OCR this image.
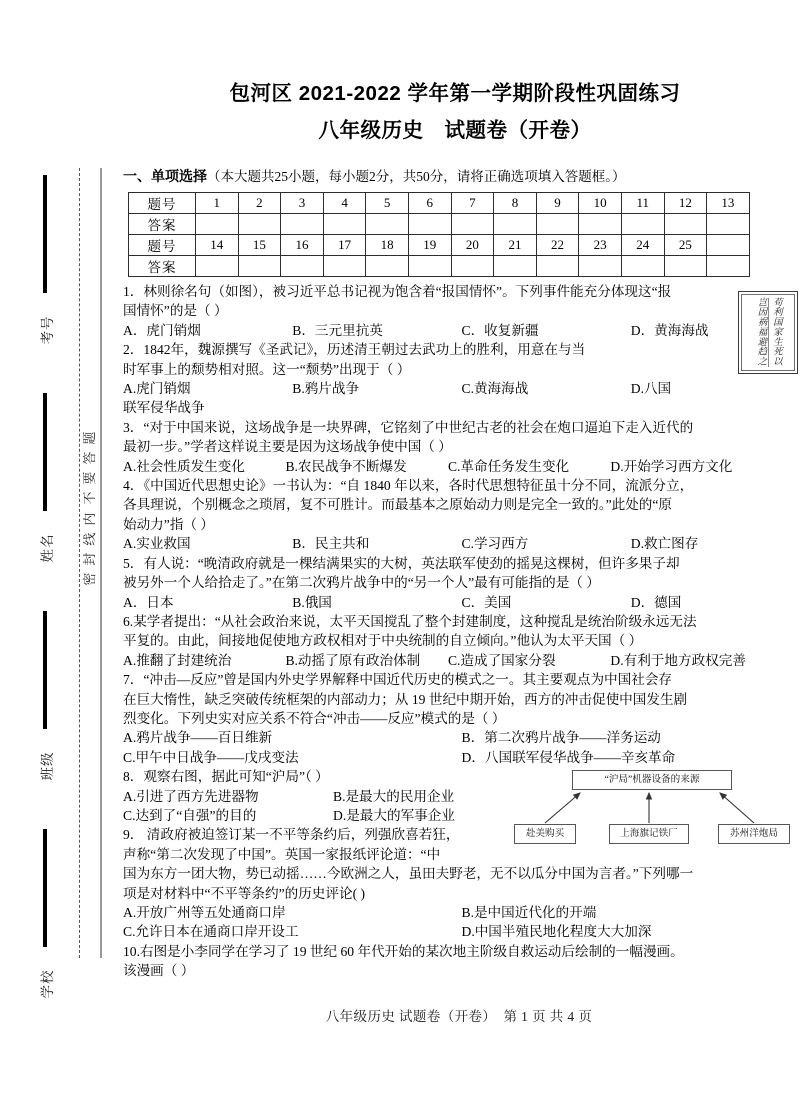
考号
姓名
班级
学校
题
答
要
不
内
线
封
密
包河区 2021-2022 学年第一学期阶段性巩固练习
八年级历史　试题卷（开卷）
一、单项选择（本大题共25小题，每小题2分，共50分，请将正确选项填入答题框。）
题号	1	2	3	4	5	6	7	8	9	10	11	12	13
答案													
题号	14	15	16	17	18	19	20	21	22	23	24	25	
答案													

1．林则徐名句（如图），被习近平总书记视为饱含着“报国情怀”。下列事件能充分体现这“报

国情怀”的是（ ）

A．虎门销烟	B．三元里抗英	C．收复新疆	D．黄海海战

2．1842年，魏源撰写《圣武记》，历述清王朝过去武功上的胜利，用意在与当

时军事上的颓势相对照。这一“颓势”出现于（ ）

A.虎门销烟	B.鸦片战争	C.黄海海战	D.八国

联军侵华战争

3．“对于中国来说，这场战争是一块界碑，它铭刻了中世纪古老的社会在炮口逼迫下走入近代的

最初一步。”学者这样说主要是因为这场战争使中国（ ）

A.社会性质发生变化	B.农民战争不断爆发	C.革命任务发生变化	D.开始学习西方文化

4．《中国近代思想史论》一书认为：“自 1840 年以来，各时代思想特征虽十分不同，流派分立，

各具理说，个别概念之琐屑，复不可胜计。而最基本之原始动力则是完全一致的。”此处的“原

始动力”指（ ）

A.实业救国	B．民主共和	C.学习西方	D.救亡图存

5．有人说：“晚清政府就是一棵结满果实的大树，英法联军使劲的摇晃这棵树，但许多果子却

被另外一个人给拾走了。”在第二次鸦片战争中的“另一个人”最有可能指的是（ ）

A．日本	B.俄国	C．美国	D．德国

6.某学者提出：“从社会政治来说，太平天国搅乱了整个封建制度，这种搅乱是统治阶级永远无法

平复的。由此，间接地促使地方政权相对于中央统制的自立倾向。”他认为太平天国（ ）

A.推翻了封建统治	B.动摇了原有政治体制	C.造成了国家分裂	D.有利于地方政权完善

7．“冲击—反应”曾是国内外史学界解释中国近代历史的模式之一。其主要观点为中国社会存

在巨大惰性，缺乏突破传统框架的内部动力；从 19 世纪中期开始，西方的冲击促使中国发生剧

烈变化。下列史实对应关系不符合“冲击——反应”模式的是（ ）

A.鸦片战争——百日维新	B．第二次鸦片战争——洋务运动
C.甲午中日战争——戊戌变法	D．八国联军侵华战争——辛亥革命

8．观察右图，据此可知“沪局”（ ）

A.引进了西方先进器物	B.是最大的民用企业
C.达到了“自强”的目的	D.是最大的军事企业

9． 清政府被迫签订某一不平等条约后，列强欣喜若狂，

声称“第二次发现了中国”。英国一家报纸评论道：“中

国为东方一团大物，势已动摇……今欧洲之人，虽田夫野老，无不以瓜分中国为言者。”下列哪一

项是对材料中“不平等条约”的历史评论( )

A.开放广州等五处通商口岸	B.是中国近代化的开端
C.允许日本在通商口岸开设工	D.中国半殖民地化程度大大加深

10.右图是小李同学在学习了 19 世纪 60 年代开始的某次地主阶级自救运动后绘制的一幅漫画。

该漫画（ ）

苟利国家生死以
岂因祸福避趋之
“沪局”机器设备的来源
赴美购买	上海旗记铁厂	苏州洋炮局
八年级历史 试题卷（开卷）　第 1 页 共 4 页
